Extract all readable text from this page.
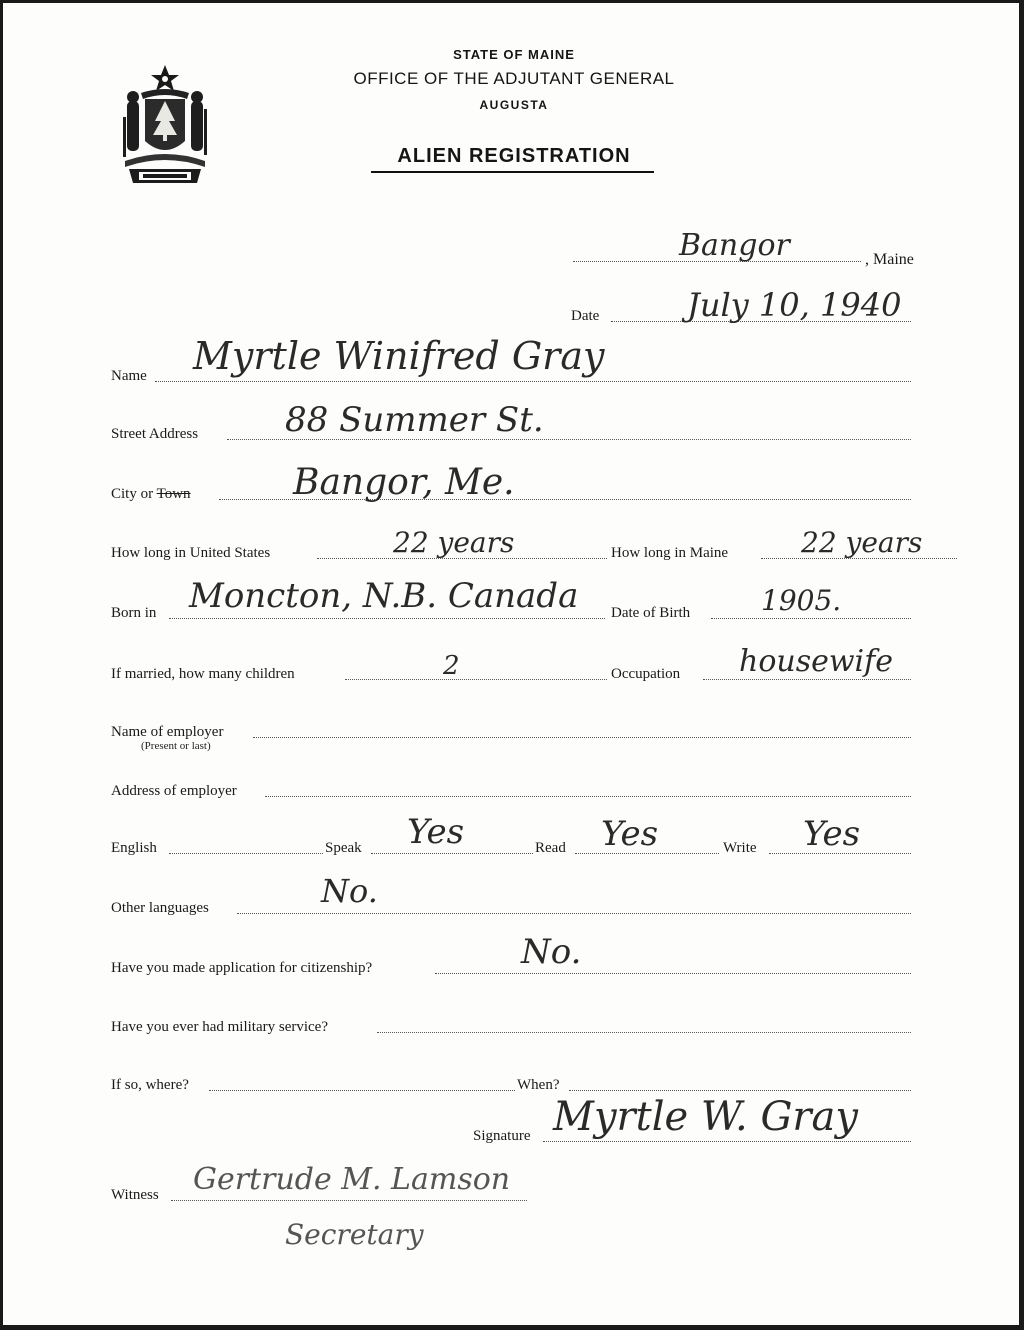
STATE OF MAINE
OFFICE OF THE ADJUTANT GENERAL
AUGUSTA
ALIEN REGISTRATION
Bangor	, Maine
Date	July 10, 1940
Name Myrtle Winifred Gray
Street Address	88 Summer St.
City or Town	Bangor, Me.
How long in United States	22 years	How long in Maine	22 years
Born in Moncton, N.B. Canada Date of Birth	1905.
If married, how many children	2	Occupation housewife
Name of employer
(Present or last)
Address of employer
English	Speak Yes	Read Yes	Write Yes
Other languages	No.
Have you made application for citizenship?	No.
Have you ever had military service?
If so, where?	When?
Signature Myrtle W. Gray
Witness Gertrude M. Lamson
Secretary
